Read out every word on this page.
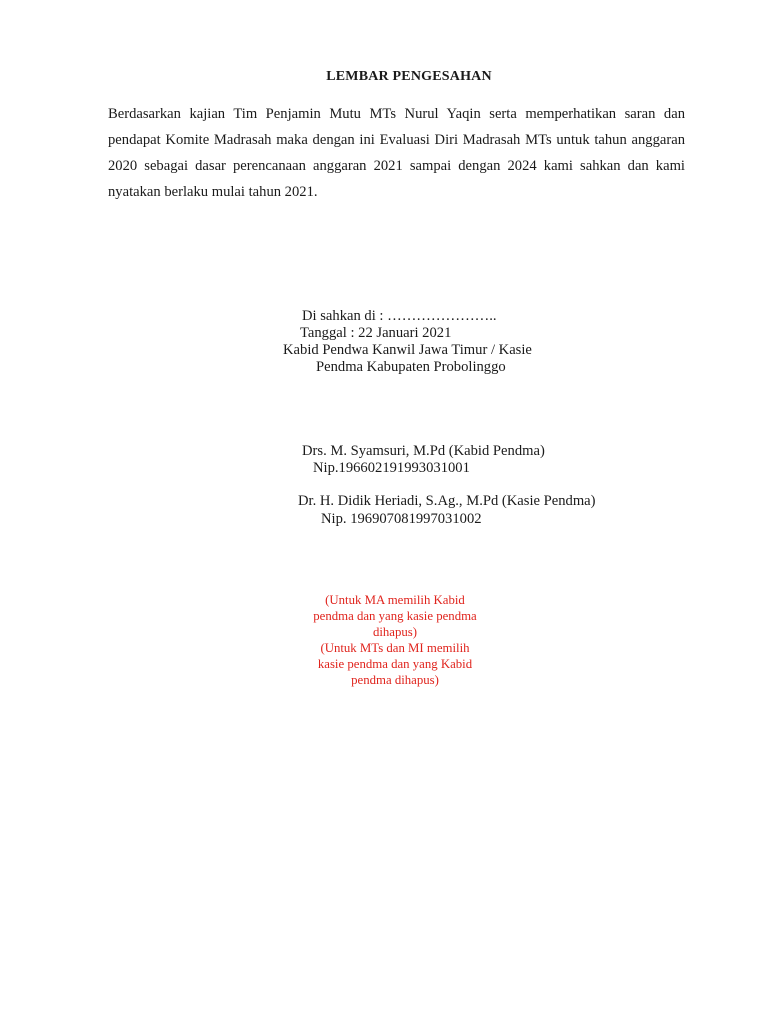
LEMBAR PENGESAHAN
Berdasarkan kajian Tim Penjamin Mutu MTs Nurul Yaqin serta memperhatikan saran dan pendapat Komite Madrasah maka dengan ini Evaluasi Diri Madrasah MTs untuk tahun anggaran 2020 sebagai dasar perencanaan anggaran 2021 sampai dengan 2024 kami sahkan dan kami nyatakan berlaku mulai tahun 2021.
Di sahkan di : …………………..
Tanggal : 22 Januari 2021
Kabid Pendwa Kanwil Jawa Timur / Kasie
Pendma Kabupaten Probolinggo
Drs. M. Syamsuri, M.Pd (Kabid Pendma)
Nip.196602191993031001
Dr. H. Didik Heriadi, S.Ag., M.Pd (Kasie Pendma)
Nip. 196907081997031002
(Untuk MA memilih Kabid
pendma dan yang kasie pendma
dihapus)
(Untuk MTs dan MI memilih
kasie pendma dan yang Kabid
pendma dihapus)
